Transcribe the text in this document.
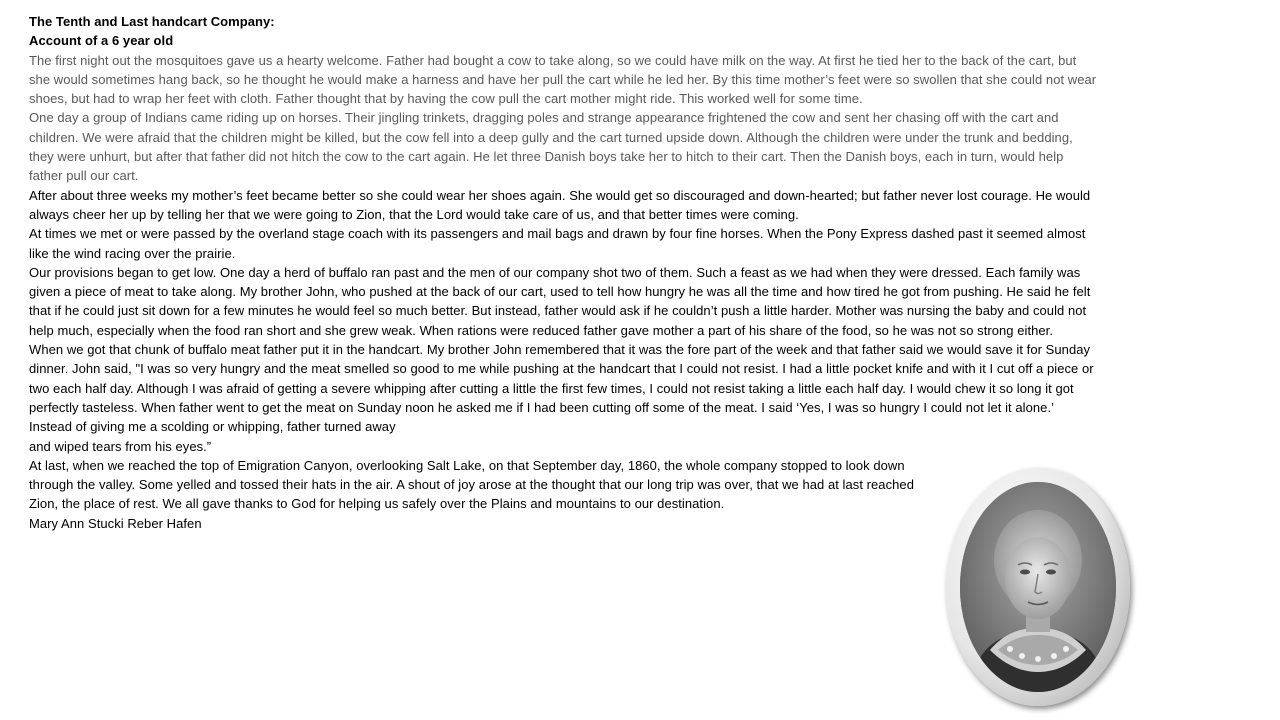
The Tenth and Last handcart Company:

Account of a 6 year old

The first night out the mosquitoes gave us a hearty welcome. Father had bought a cow to take along, so we could have milk on the way. At first he tied her to the back of the cart, but she would sometimes hang back, so he thought he would make a harness and have her pull the cart while he led her. By this time mother’s feet were so swollen that she could not wear shoes, but had to wrap her feet with cloth. Father thought that by having the cow pull the cart mother might ride. This worked well for some time.

One day a group of Indians came riding up on horses. Their jingling trinkets, dragging poles and strange appearance frightened the cow and sent her chasing off with the cart and children. We were afraid that the children might be killed, but the cow fell into a deep gully and the cart turned upside down. Although the children were under the trunk and bedding, they were unhurt, but after that father did not hitch the cow to the cart again. He let three Danish boys take her to hitch to their cart. Then the Danish boys, each in turn, would help father pull our cart.

After about three weeks my mother’s feet became better so she could wear her shoes again. She would get so discouraged and down-hearted; but father never lost courage. He would always cheer her up by telling her that we were going to Zion, that the Lord would take care of us, and that better times were coming.

At times we met or were passed by the overland stage coach with its passengers and mail bags and drawn by four fine horses. When the Pony Express dashed past it seemed almost like the wind racing over the prairie.

Our provisions began to get low. One day a herd of buffalo ran past and the men of our company shot two of them. Such a feast as we had when they were dressed. Each family was given a piece of meat to take along. My brother John, who pushed at the back of our cart, used to tell how hungry he was all the time and how tired he got from pushing. He said he felt that if he could just sit down for a few minutes he would feel so much better. But instead, father would ask if he couldn’t push a little harder. Mother was nursing the baby and could not help much, especially when the food ran short and she grew weak. When rations were reduced father gave mother a part of his share of the food, so he was not so strong either.

When we got that chunk of buffalo meat father put it in the handcart. My brother John remembered that it was the fore part of the week and that father said we would save it for Sunday dinner. John said, "I was so very hungry and the meat smelled so good to me while pushing at the handcart that I could not resist. I had a little pocket knife and with it I cut off a piece or two each half day. Although I was afraid of getting a severe whipping after cutting a little the first few times, I could not resist taking a little each half day. I would chew it so long it got perfectly tasteless. When father went to get the meat on Sunday noon he asked me if I had been cutting off some of the meat. I said ‘Yes, I was so hungry I could not let it alone.’ Instead of giving me a scolding or whipping, father turned away

and wiped tears from his eyes.”

At last, when we reached the top of Emigration Canyon, overlooking Salt Lake, on that September day, 1860, the whole company stopped to look down through the valley. Some yelled and tossed their hats in the air. A shout of joy arose at the thought that our long trip was over, that we had at last reached Zion, the place of rest. We all gave thanks to God for helping us safely over the Plains and mountains to our destination.

Mary Ann Stucki Reber Hafen
